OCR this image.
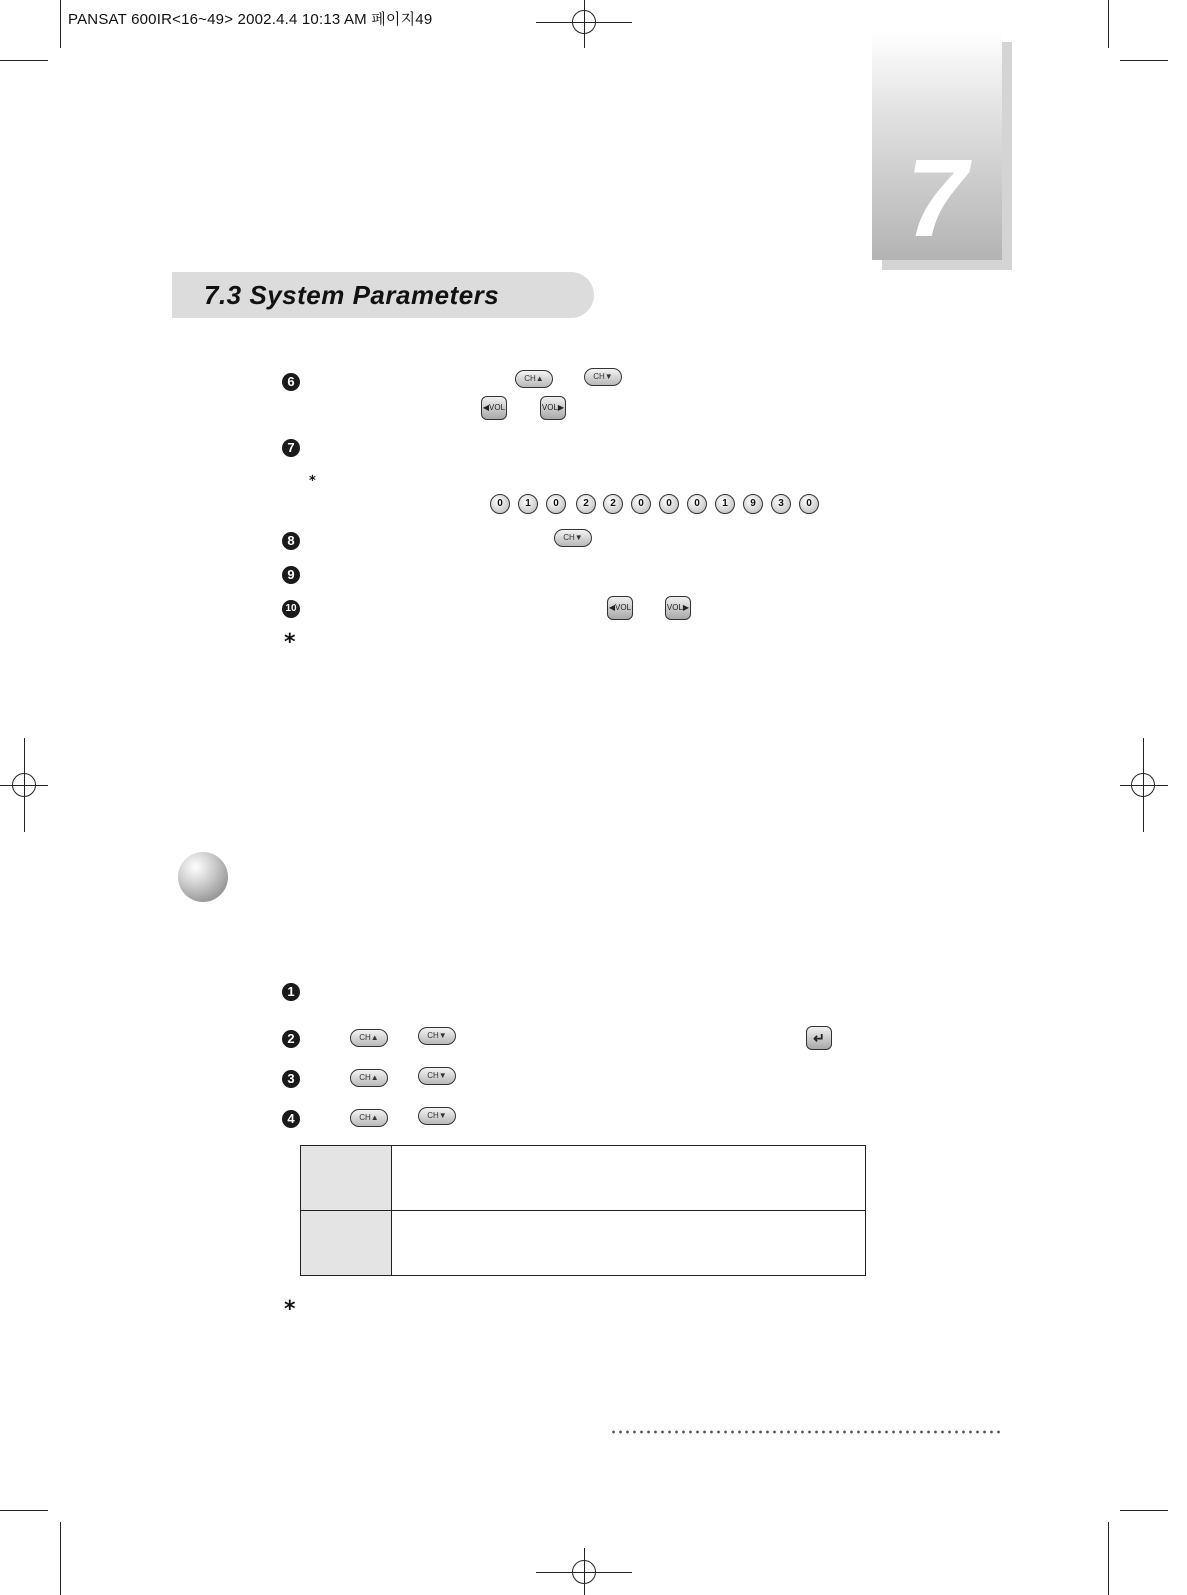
PANSAT 600IR<16~49> 2002.4.4 10:13 AM 페이지49
7
7.3 System Parameters
6	CH▲	CH▼
◀VOL	VOL▶
7
⁎
0	1	0	2	2	0	0	0	1	9	3	0
8	CH▼
9
10	◀VOL	VOL▶
*
1
2	CH▲	CH▼	↵
3	CH▲	CH▼
4	CH▲	CH▼

*
